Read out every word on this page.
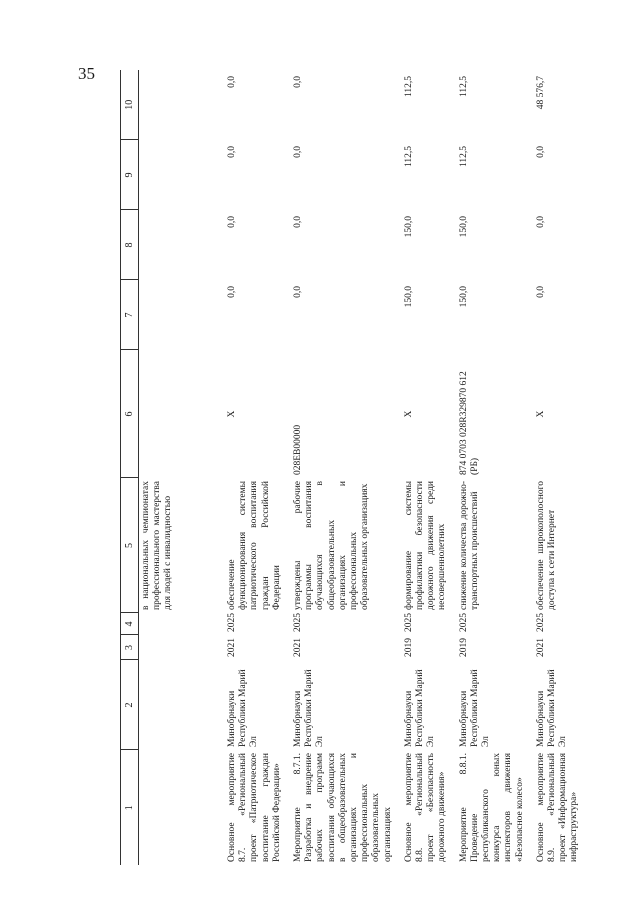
35
1	2	3	4	5	6	7	8	9	10
				в национальных чемпионатах профессионального мастерства для людей с инвалидностью					
Основное мероприятие 8.7. «Региональный проект «Патриотическое воспитание граждан Российской Федерации»	Минобрнауки Республики Марий Эл	2021	2025	обеспечение функционирования системы патриотического воспитания граждан Российской Федерации	X	0,0	0,0	0,0	0,0
Мероприятие 8.7.1. Разработка и внедрение рабочих программ воспитания обучающихся в общеобразовательных организациях и профессиональных образовательных организациях	Минобрнауки Республики Марий Эл	2021	2025	утверждены рабочие программы воспитания обучающихся в общеобразовательных организациях и профессиональных образовательных организациях	028EB00000	0,0	0,0	0,0	0,0
Основное мероприятие 8.8. «Региональный проект «Безопасность дорожного движения»	Минобрнауки Республики Марий Эл	2019	2025	формирование системы профилактики безопасности дорожного движения среди несовершеннолетних	X	150,0	150,0	112,5	112,5
Мероприятие 8.8.1. Проведение республиканского конкурса юных инспекторов движения «Безопасное колесо»	Минобрнауки Республики Марий Эл	2019	2025	снижение количества дорожно-транспортных происшествий	874 0703 028R329870 612 (РБ)	150,0	150,0	112,5	112,5
Основное мероприятие 8.9. «Региональный проект «Информационная инфраструктура»	Минобрнауки Республики Марий Эл	2021	2025	обеспечение широкополосного доступа к сети Интернет	X	0,0	0,0	0,0	48 576,7
